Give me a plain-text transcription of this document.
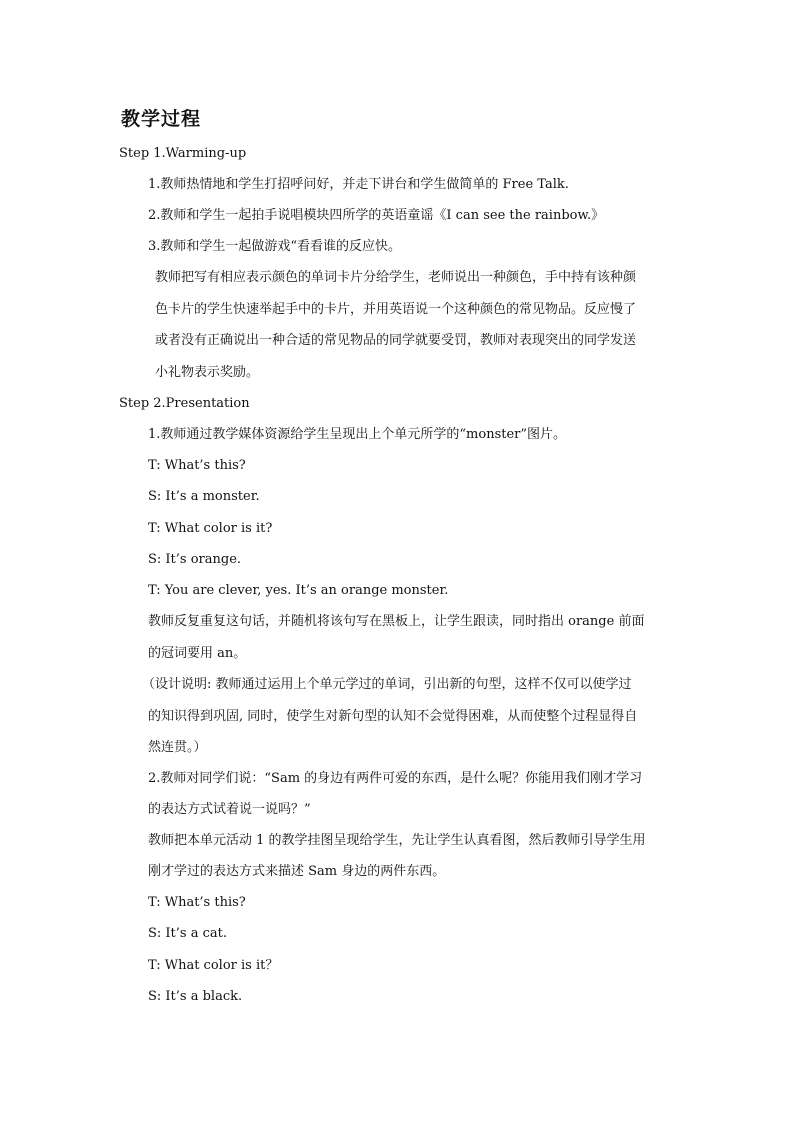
教学过程
Step 1.Warming-up
1.教师热情地和学生打招呼问好，并走下讲台和学生做简单的 Free Talk.
2.教师和学生一起拍手说唱模块四所学的英语童谣《I can see the rainbow.》
3.教师和学生一起做游戏“看看谁的反应快。
教师把写有相应表示颜色的单词卡片分给学生，老师说出一种颜色，手中持有该种颜
色卡片的学生快速举起手中的卡片，并用英语说一个这种颜色的常见物品。反应慢了
或者没有正确说出一种合适的常见物品的同学就要受罚，教师对表现突出的同学发送
小礼物表示奖励。
Step 2.Presentation
1.教师通过教学媒体资源给学生呈现出上个单元所学的“monster”图片。
T: What’s this?
S: It’s a monster.
T: What color is it?
S: It’s orange.
T: You are clever, yes. It’s an orange monster.
教师反复重复这句话，并随机将该句写在黑板上，让学生跟读，同时指出 orange 前面
的冠词要用 an。
（设计说明: 教师通过运用上个单元学过的单词，引出新的句型，这样不仅可以使学过
的知识得到巩固, 同时，使学生对新句型的认知不会觉得困难，从而使整个过程显得自
然连贯。）
2.教师对同学们说：“Sam 的身边有两件可爱的东西，是什么呢？你能用我们刚才学习
的表达方式试着说一说吗？”
教师把本单元活动 1 的教学挂图呈现给学生，先让学生认真看图，然后教师引导学生用
刚才学过的表达方式来描述 Sam 身边的两件东西。
T: What’s this?
S: It’s a cat.
T: What color is it？
S: It’s a black.
